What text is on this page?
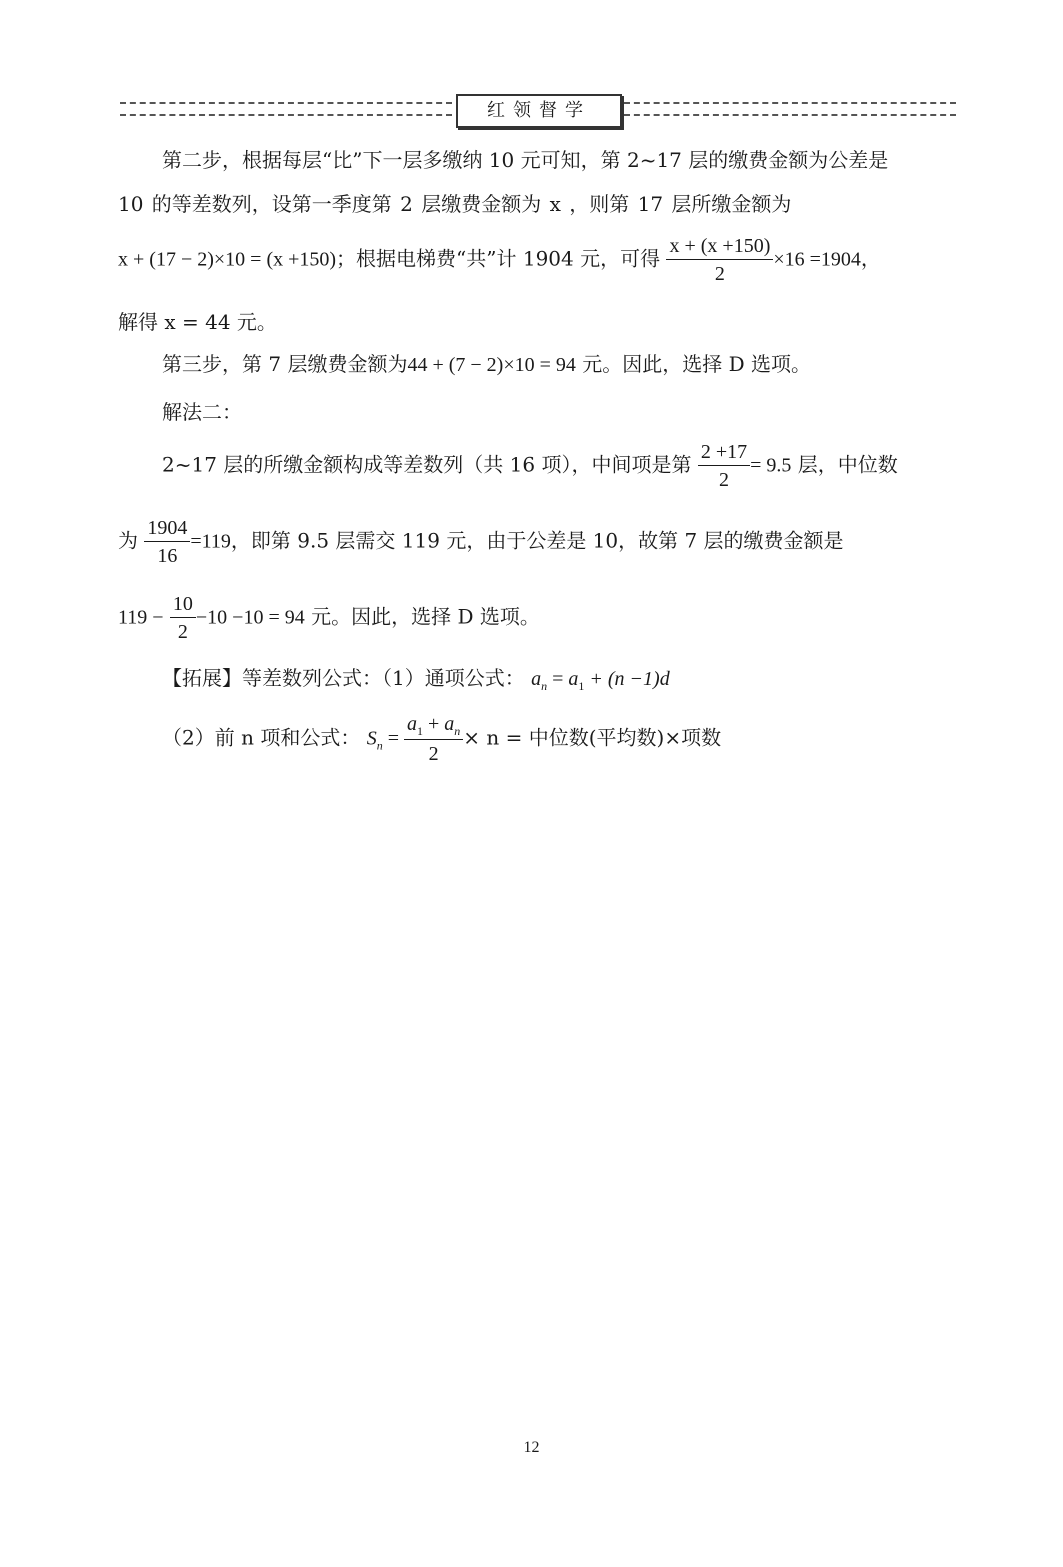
红领督学
第二步，根据每层“比”下一层多缴纳 10 元可知，第 2~17 层的缴费金额为公差是
10 的等差数列，设第一季度第 2 层缴费金额为 x ，则第 17 层所缴金额为
x + (17 − 2)×10 = (x +150)；根据电梯费“共”计 1904 元，可得 $\frac{x + (x +150)}{2} \times 16 =1904$，
解得 x = 44 元。
第三步，第 7 层缴费金额为44 + (7 − 2)×10 = 94 元。因此，选择 D 选项。
解法二：
2~17 层的所缴金额构成等差数列（共 16 项），中间项是第 $\frac{2 +17}{2} = 9.5$ 层，中位数
为 $\frac{1904}{16} =119$，即第 9.5 层需交 119 元，由于公差是 10，故第 7 层的缴费金额是
$119 - \frac{10}{2} -10 -10 = 94$ 元。因此，选择 D 选项。
【拓展】等差数列公式：（1）通项公式： $a_n = a_1 + (n -1)d$
（2）前 n 项和公式： $S_n = \frac{a_1 + a_n}{2} \times n$ = 中位数(平均数)×项数
12
